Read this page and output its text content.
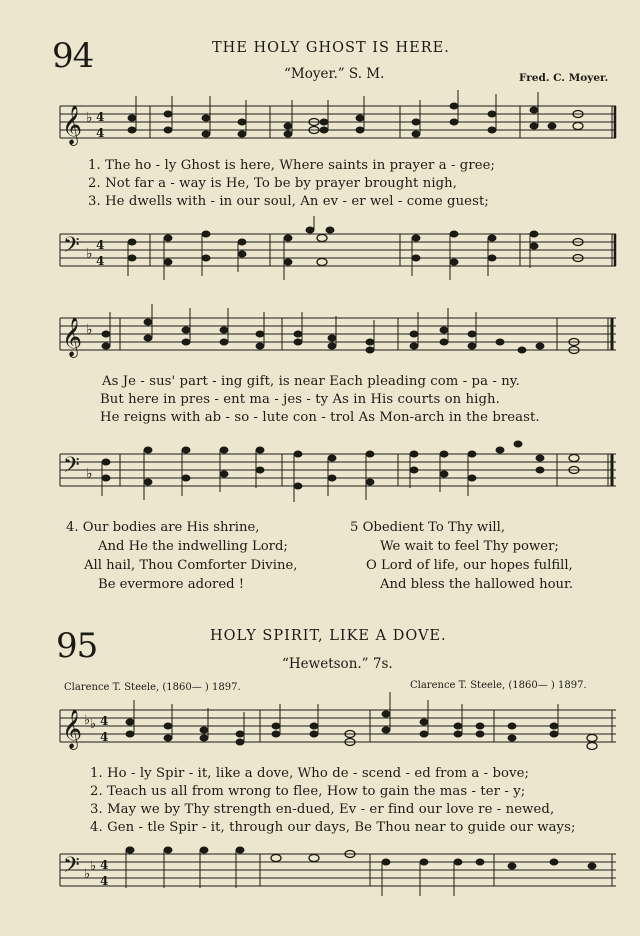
94	THE HOLY GHOST IS HERE.
“Moyer.” S. M.	Fred. C. Moyer.
𝄞 ♭ 4
4
1. The ho - ly Ghost is here, Where saints in prayer a - gree;
2. Not far a - way is He, To be by prayer brought nigh,
3. He dwells with - in our soul, An ev - er wel - come guest;
𝄢 ♭
4
4
𝄞 ♭
As Je - sus' part - ing gift, is near Each pleading com - pa - ny.
But here in pres - ent ma - jes - ty As in His courts on high.
He reigns with ab - so - lute con - trol As Mon-arch in the breast.
𝄢 ♭
4. Our bodies are His shrine,
And He the indwelling Lord;
All hail, Thou Comforter Divine,
Be evermore adored !
5 Obedient To Thy will,
We wait to feel Thy power;
O Lord of life, our hopes fulfill,
And bless the hallowed hour.
95	HOLY SPIRIT, LIKE A DOVE.
“Hewetson.” 7s.
Clarence T. Steele, (1860— ) 1897.	Clarence T. Steele, (1860— ) 1897.
𝄞 ♭ ♭ 4
4
1. Ho - ly Spir - it, like a dove, Who de - scend - ed from a - bove;
2. Teach us all from wrong to flee, How to gain the mas - ter - y;
3. May we by Thy strength en-dued, Ev - er find our love re - newed,
4. Gen - tle Spir - it, through our days, Be Thou near to guide our ways;
𝄢 ♭
♭ 4
4
